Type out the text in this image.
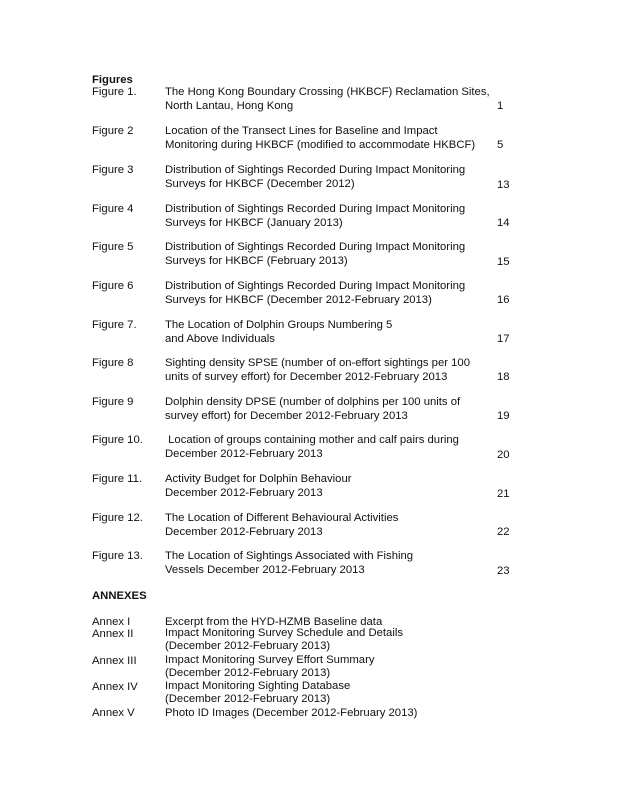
Figures
Figure 1.	The Hong Kong Boundary Crossing (HKBCF) Reclamation Sites,
North Lantau, Hong Kong	1
Figure 2	Location of the Transect Lines for Baseline and Impact
Monitoring during HKBCF (modified to accommodate HKBCF)	5
Figure 3	Distribution of Sightings Recorded During Impact Monitoring
Surveys for HKBCF (December 2012)	13
Figure 4	Distribution of Sightings Recorded During Impact Monitoring
Surveys for HKBCF (January 2013)	14
Figure 5	Distribution of Sightings Recorded During Impact Monitoring
Surveys for HKBCF (February 2013)	15
Figure 6	Distribution of Sightings Recorded During Impact Monitoring
Surveys for HKBCF (December 2012-February 2013)	16
Figure 7.	The Location of Dolphin Groups Numbering 5
and Above Individuals	17
Figure 8	Sighting density SPSE (number of on-effort sightings per 100
units of survey effort) for December 2012-February 2013	18
Figure 9	Dolphin density DPSE (number of dolphins per 100 units of
survey effort) for December 2012-February 2013	19
Figure 10. Location of groups containing mother and calf pairs during
December 2012-February 2013	20
Figure 11. Activity Budget for Dolphin Behaviour
December 2012-February 2013	21
Figure 12. The Location of Different Behavioural Activities
December 2012-February 2013	22
Figure 13. The Location of Sightings Associated with Fishing
Vessels December 2012-February 2013	23
ANNEXES
Annex I	Excerpt from the HYD-HZMB Baseline data
Annex II	Impact Monitoring Survey Schedule and Details
(December 2012-February 2013)
Annex III	Impact Monitoring Survey Effort Summary
(December 2012-February 2013)
Annex IV Impact Monitoring Sighting Database
(December 2012-February 2013)
Annex V	Photo ID Images (December 2012-February 2013)
